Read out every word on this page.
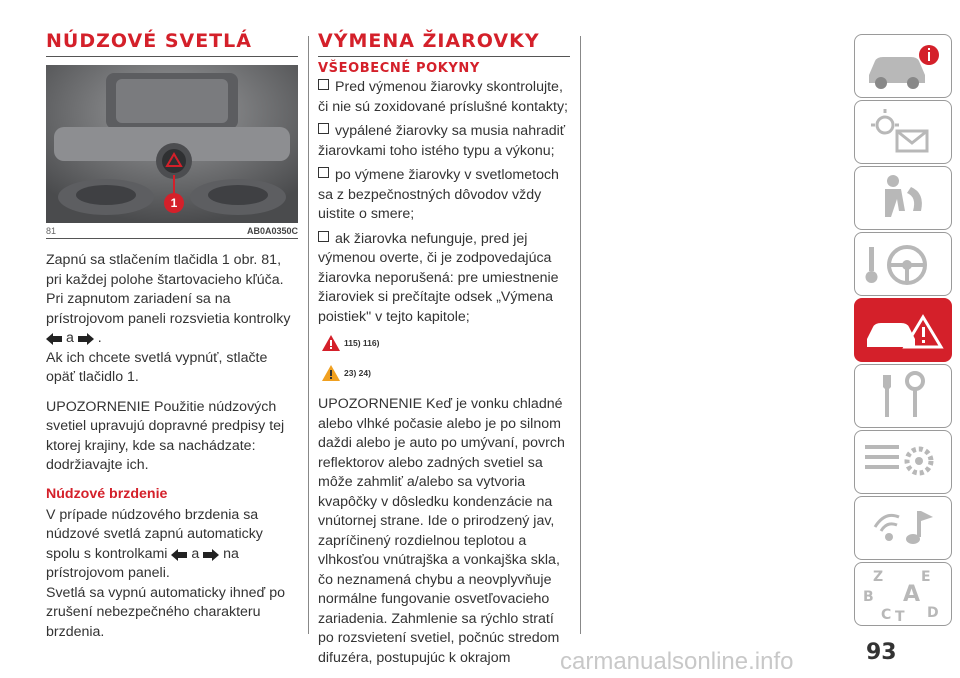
NÚDZOVÉ SVETLÁ
1
81	AB0A0350C

Zapnú sa stlačením tlačidla 1 obr. 81, pri každej polohe štartovacieho kľúča. Pri zapnutom zariadení sa na prístrojovom paneli rozsvietia kontrolky
a .
Ak ich chcete svetlá vypnúť, stlačte opäť tlačidlo 1.

UPOZORNENIE Použitie núdzových svetiel upravujú dopravné predpisy tej ktorej krajiny, kde sa nachádzate: dodržiavajte ich.

Núdzové brzdenie

V prípade núdzového brzdenia sa núdzové svetlá zapnú automaticky spolu s kontrolkami a na prístrojovom paneli.
Svetlá sa vypnú automaticky ihneď po zrušení nebezpečného charakteru brzdenia.

VÝMENA ŽIAROVKY
VŠEOBECNÉ POKYNY

Pred výmenou žiarovky skontrolujte, či nie sú zoxidované príslušné kontakty;

vypálené žiarovky sa musia nahradiť žiarovkami toho istého typu a výkonu;

po výmene žiarovky v svetlometoch sa z bezpečnostných dôvodov vždy uistite o smere;

ak žiarovka nefunguje, pred jej výmenou overte, či je zodpovedajúca žiarovka neporušená: pre umiestnenie žiaroviek si prečítajte odsek „Výmena poistiek" v tejto kapitole;

115) 116)
23) 24)

UPOZORNENIE Keď je vonku chladné alebo vlhké počasie alebo je po silnom daždi alebo je auto po umývaní, povrch reflektorov alebo zadných svetiel sa môže zahmliť a/alebo sa vytvoria kvapôčky v dôsledku kondenzácie na vnútornej strane. Ide o prirodzený jav, zapríčinený rozdielnou teplotou a vlhkosťou vnútrajška a vonkajška skla, čo neznamená chybu a neovplyvňuje normálne fungovanie osvetľovacieho zariadenia. Zahmlenie sa rýchlo stratí po rozsvietení svetiel, počnúc stredom difuzéra, postupujúc k okrajom

Z	E
B A
C T D
93
carmanualsonline.info
